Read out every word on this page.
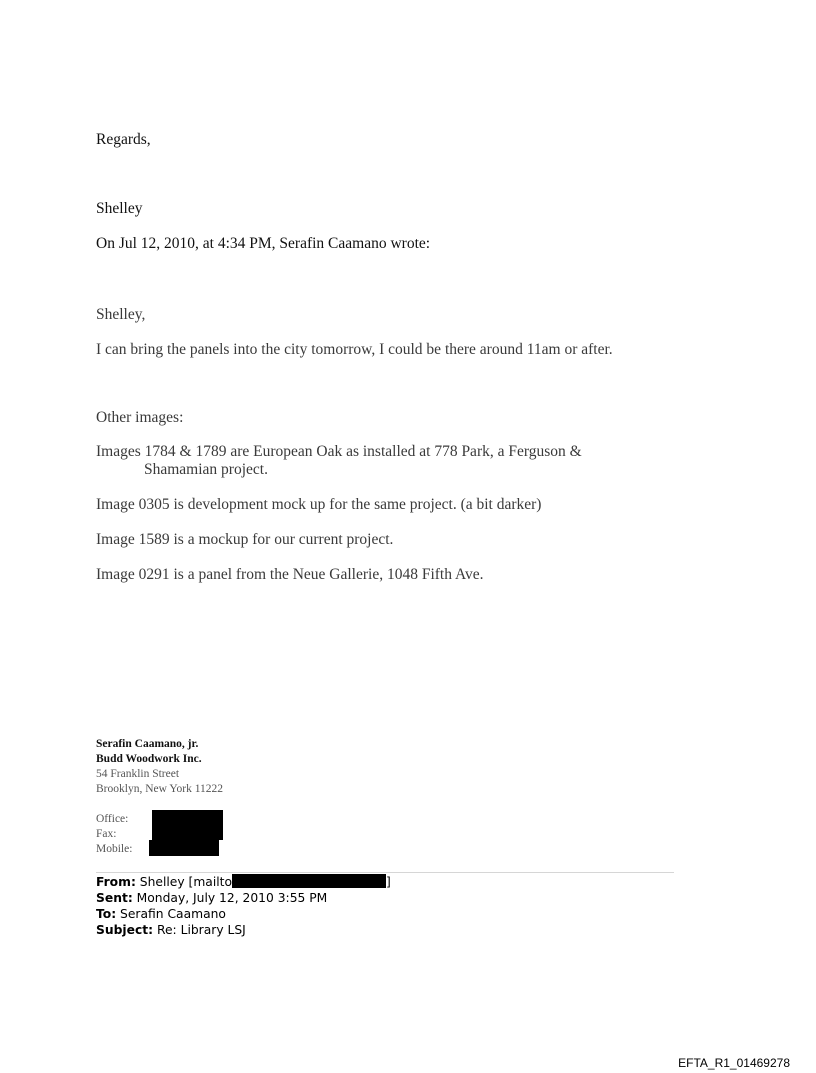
Regards,
Shelley
On Jul 12, 2010, at 4:34 PM, Serafin Caamano wrote:
Shelley,
I can bring the panels into the city tomorrow, I could be there around 11am or after.
Other images:
Images 1784 & 1789 are European Oak as installed at 778 Park, a Ferguson &
Shamamian project.
Image 0305 is development mock up for the same project. (a bit darker)
Image 1589 is a mockup for our current project.
Image 0291 is a panel from the Neue Gallerie, 1048 Fifth Ave.
Serafin Caamano, jr.
Budd Woodwork Inc.
54 Franklin Street
Brooklyn, New York 11222
Office:
Fax:
Mobile:
From: Shelley [mailto	]
Sent: Monday, July 12, 2010 3:55 PM
To: Serafin Caamano
Subject: Re: Library LSJ
EFTA_R1_01469278
